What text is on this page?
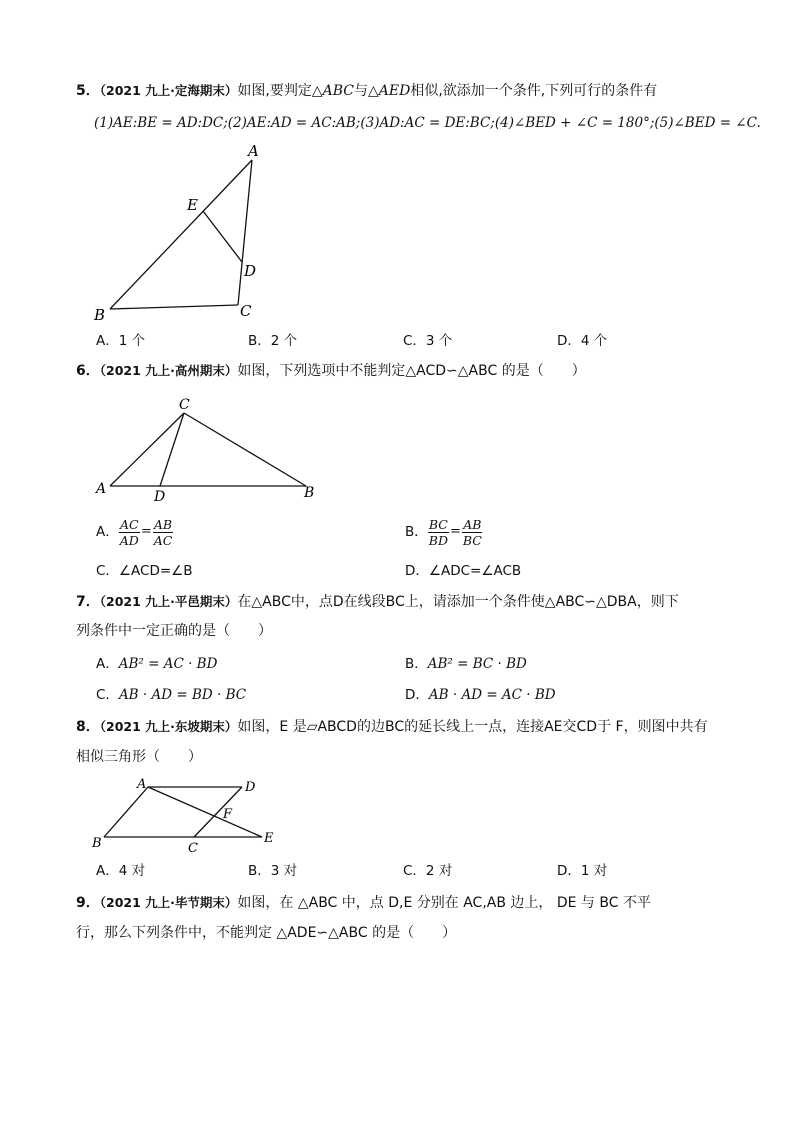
5．（2021 九上·定海期末）如图,要判定△ABC与△AED相似,欲添加一个条件,下列可行的条件有
(1)AE:BE = AD:DC;(2)AE:AD = AC:AB;(3)AD:AC = DE:BC;(4)∠BED + ∠C = 180°;(5)∠BED = ∠C.
A
E
D
B	C
A．1 个	B．2 个	C．3 个	D．4 个
6．（2021 九上·高州期末）如图，下列选项中不能判定△ACD∽△ABC 的是（　　）
C
A	D	B
A． $\frac{AC}{AD} = \frac{AB}{AC}$	B． $\frac{BC}{BD} = \frac{AB}{BC}$
C．∠ACD=∠B	D．∠ADC=∠ACB
7．（2021 九上·平邑期末）在△ABC中，点D在线段BC上，请添加一个条件使△ABC∽△DBA，则下
列条件中一定正确的是（　　）
A．AB² = AC · BD	B．AB² = BC · BD
C．AB · AD = BD · BC	D．AB · AD = AC · BD
8．（2021 九上·东坡期末）如图，E 是▱ABCD的边BC的延长线上一点，连接AE交CD于 F，则图中共有
相似三角形（　　）
A	D
F
B	C
E
A．4 对	B．3 对	C．2 对	D．1 对
9．（2021 九上·毕节期末）如图，在 △ABC 中，点 D,E 分别在 AC,AB 边上， DE 与 BC 不平
行，那么下列条件中，不能判定 △ADE∽△ABC 的是（　　）
